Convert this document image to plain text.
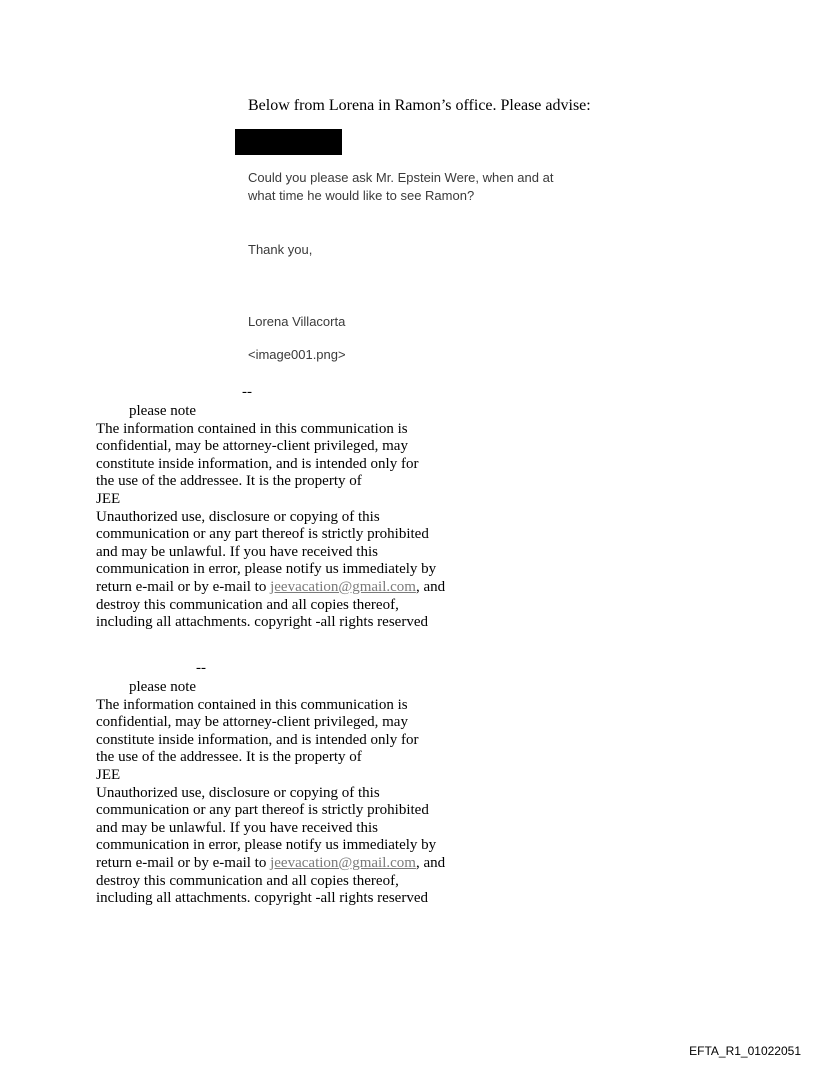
Below from Lorena in Ramon’s office. Please advise:
Could you please ask Mr. Epstein Were, when and at
what time he would like to see Ramon?
Thank you,
Lorena Villacorta
<image001.png>
--
please note
The information contained in this communication is
confidential, may be attorney-client privileged, may
constitute inside information, and is intended only for
the use of the addressee. It is the property of
JEE
Unauthorized use, disclosure or copying of this
communication or any part thereof is strictly prohibited
and may be unlawful. If you have received this
communication in error, please notify us immediately by
return e-mail or by e-mail to jeevacation@gmail.com, and
destroy this communication and all copies thereof,
including all attachments. copyright -all rights reserved
--
please note
The information contained in this communication is
confidential, may be attorney-client privileged, may
constitute inside information, and is intended only for
the use of the addressee. It is the property of
JEE
Unauthorized use, disclosure or copying of this
communication or any part thereof is strictly prohibited
and may be unlawful. If you have received this
communication in error, please notify us immediately by
return e-mail or by e-mail to jeevacation@gmail.com, and
destroy this communication and all copies thereof,
including all attachments. copyright -all rights reserved
EFTA_R1_01022051
